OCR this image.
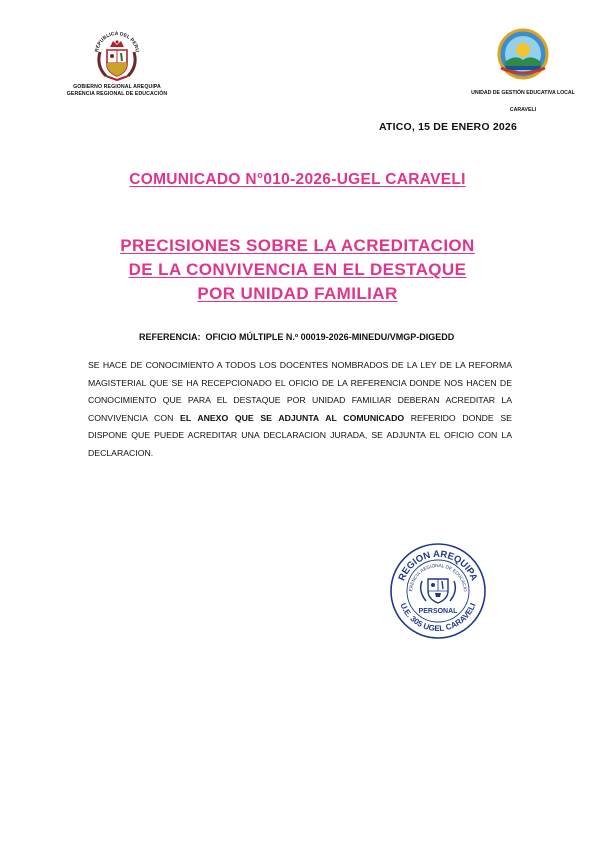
REPUBLICA DEL PERU
GOBIERNO REGIONAL AREQUIPA
GERENCIA REGIONAL DE EDUCACIÓN	UNIDAD DE GESTIÓN EDUCATIVA LOCAL
CARAVELI
ATICO, 15 DE ENERO 2026
COMUNICADO N°010-2026-UGEL CARAVELI
PRECISIONES SOBRE LA ACREDITACION
DE LA CONVIVENCIA EN EL DESTAQUE
POR UNIDAD FAMILIAR
REFERENCIA: OFICIO MÚLTIPLE N.º 00019-2026-MINEDU/VMGP-DIGEDD
SE HACE DE CONOCIMIENTO A TODOS LOS DOCENTES NOMBRADOS DE LA LEY DE LA REFORMA
MAGISTERIAL QUE SE HA RECEPCIONADO EL OFICIO DE LA REFERENCIA DONDE NOS HACEN DE
CONOCIMIENTO QUE PARA EL DESTAQUE POR UNIDAD FAMILIAR DEBERAN ACREDITAR LA
CONVIVENCIA CON EL ANEXO QUE SE ADJUNTA AL COMUNICADO REFERIDO DONDE SE
DISPONE QUE PUEDE ACREDITAR UNA DECLARACION JURADA, SE ADJUNTA EL OFICIO CON LA
DECLARACION.
REGION AREQUIPA
ERENCIA REGIONAL DE EDUCACIO
U.E. 305 UGEL CARAVELI
PERSONAL
